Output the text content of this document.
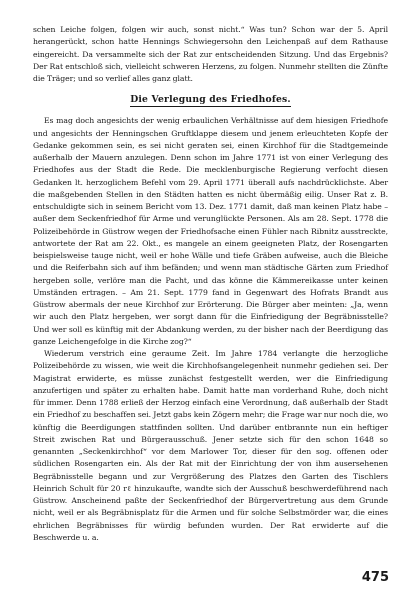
schen Leiche folgen, folgen wir auch, sonst nicht.“ Was tun? Schon war der 5. April herangerückt, schon hatte Hennings Schwiegersohn den Leichenpaß auf dem Rathause eingereicht. Da versammelte sich der Rat zur entscheidenden Sitzung. Und das Ergebnis? Der Rat entschloß sich, vielleicht schweren Herzens, zu folgen. Nunmehr stellten die Zünfte die Träger; und so verlief alles ganz glatt.

Die Verlegung des Friedhofes.

Es mag doch angesichts der wenig erbaulichen Verhältnisse auf dem hiesigen Friedhofe und angesichts der Henningschen Gruftklappe diesem und jenem erleuchteten Kopfe der Gedanke gekommen sein, es sei nicht geraten sei, einen Kirchhof für die Stadtgemeinde außerhalb der Mauern anzulegen. Denn schon im Jahre 1771 ist von einer Verlegung des Friedhofes aus der Stadt die Rede. Die mecklenburgische Regierung verfocht diesen Gedanken lt. herzoglichem Befehl vom 29. April 1771 überall aufs nachdrücklichste. Aber die maßgebenden Stellen in den Städten hatten es nicht übermäßig eilig. Unser Rat z. B. entschuldigte sich in seinem Bericht vom 13. Dez. 1771 damit, daß man keinen Platz habe – außer dem Seckenfriedhof für Arme und verunglückte Personen. Als am 28. Sept. 1778 die Polizeibehörde in Güstrow wegen der Friedhofsache einen Fühler nach Ribnitz ausstreckte, antwortete der Rat am 22. Okt., es mangele an einem geeigneten Platz, der Rosengarten beispielsweise tauge nicht, weil er hohe Wälle und tiefe Gräben aufweise, auch die Bleiche und die Reiferbahn sich auf ihm befänden; und wenn man städtische Gärten zum Friedhof hergeben solle, verlöre man die Pacht, und das könne die Kämmereikasse unter keinen Umständen ertragen. – Am 21. Sept. 1779 fand in Gegenwart des Hofrats Brandt aus Güstrow abermals der neue Kirchhof zur Erörterung. Die Bürger aber meinten: „Ja, wenn wir auch den Platz hergeben, wer sorgt dann für die Einfriedigung der Begräbnisstelle? Und wer soll es künftig mit der Abdankung werden, zu der bisher nach der Beerdigung das ganze Leichengefolge in die Kirche zog?“

Wiederum verstrich eine geraume Zeit. Im Jahre 1784 verlangte die herzogliche Polizeibehörde zu wissen, wie weit die Kirchhofsangelegenheit nunmehr gediehen sei. Der Magistrat erwiderte, es müsse zunächst festgestellt werden, wer die Einfriedigung anzufertigen und später zu erhalten habe. Damit hatte man vorderhand Ruhe, doch nicht für immer. Denn 1788 erließ der Herzog einfach eine Verordnung, daß außerhalb der Stadt ein Friedhof zu beschaffen sei. Jetzt gabs kein Zögern mehr; die Frage war nur noch die, wo künftig die Beerdigungen stattfinden sollten. Und darüber entbrannte nun ein heftiger Streit zwischen Rat und Bürgerausschuß. Jener setzte sich für den schon 1648 so genannten „Seckenkirchhof“ vor dem Marlower Tor, dieser für den sog. offenen oder südlichen Rosengarten ein. Als der Rat mit der Einrichtung der von ihm ausersehenen Begräbnisstelle begann und zur Vergrößerung des Platzes den Garten des Tischlers Heinrich Schult für 20 rℓ hinzukaufte, wandte sich der Ausschuß beschwerdeführend nach Güstrow. Anscheinend paßte der Seckenfriedhof der Bürgervertretung aus dem Grunde nicht, weil er als Begräbnisplatz für die Armen und für solche Selbstmörder war, die eines ehrlichen Begräbnisses für würdig befunden wurden. Der Rat erwiderte auf die Beschwerde u. a.

475
